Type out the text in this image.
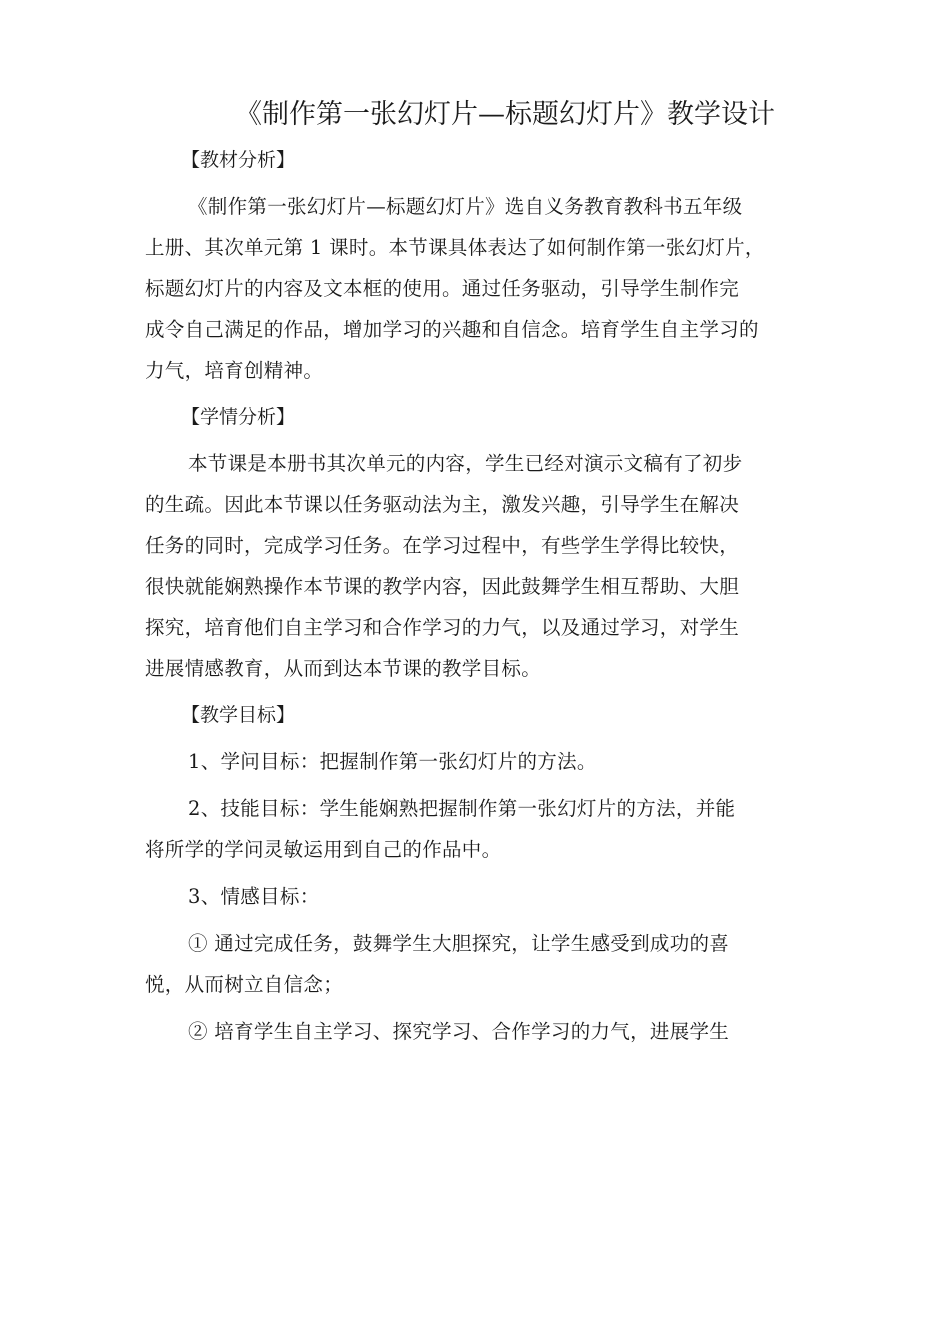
《制作第一张幻灯片—标题幻灯片》教学设计
【教材分析】

《制作第一张幻灯片—标题幻灯片》选自义务教育教科书五年级
上册、其次单元第 1 课时。本节课具体表达了如何制作第一张幻灯片，
标题幻灯片的内容及文本框的使用。通过任务驱动，引导学生制作完
成令自己满足的作品，增加学习的兴趣和自信念。培育学生自主学习的
力气，培育创精神。

【学情分析】

本节课是本册书其次单元的内容，学生已经对演示文稿有了初步
的生疏。因此本节课以任务驱动法为主，激发兴趣，引导学生在解决
任务的同时，完成学习任务。在学习过程中，有些学生学得比较快，
很快就能娴熟操作本节课的教学内容，因此鼓舞学生相互帮助、大胆
探究，培育他们自主学习和合作学习的力气，以及通过学习，对学生
进展情感教育，从而到达本节课的教学目标。

【教学目标】

1、学问目标：把握制作第一张幻灯片的方法。

2、技能目标：学生能娴熟把握制作第一张幻灯片的方法，并能
将所学的学问灵敏运用到自己的作品中。

3、情感目标：

① 通过完成任务，鼓舞学生大胆探究，让学生感受到成功的喜
悦，从而树立自信念；

② 培育学生自主学习、探究学习、合作学习的力气，进展学生
